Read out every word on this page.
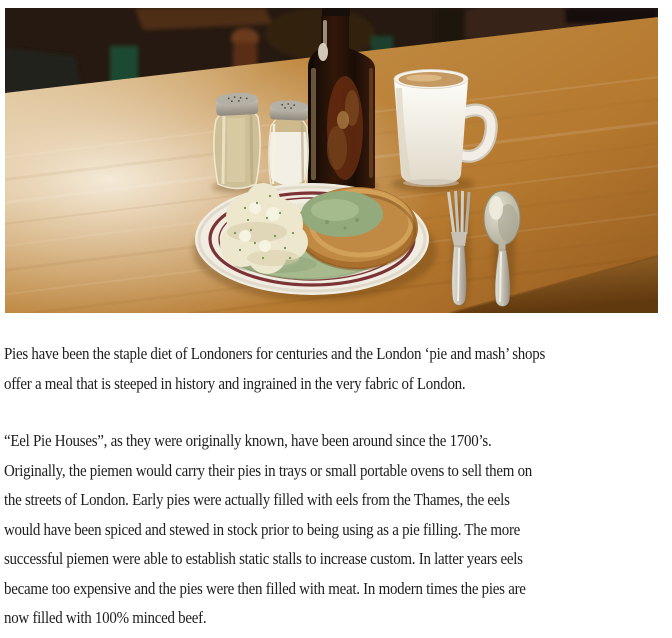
Pies have been the staple diet of Londoners for centuries and the London ‘pie and mash’ shops
offer a meal that is steeped in history and ingrained in the very fabric of London.

“Eel Pie Houses”, as they were originally known, have been around since the 1700’s.
Originally, the piemen would carry their pies in trays or small portable ovens to sell them on
the streets of London. Early pies were actually filled with eels from the Thames, the eels
would have been spiced and stewed in stock prior to being using as a pie filling. The more
successful piemen were able to establish static stalls to increase custom. In latter years eels
became too expensive and the pies were then filled with meat. In modern times the pies are
now filled with 100% minced beef.
